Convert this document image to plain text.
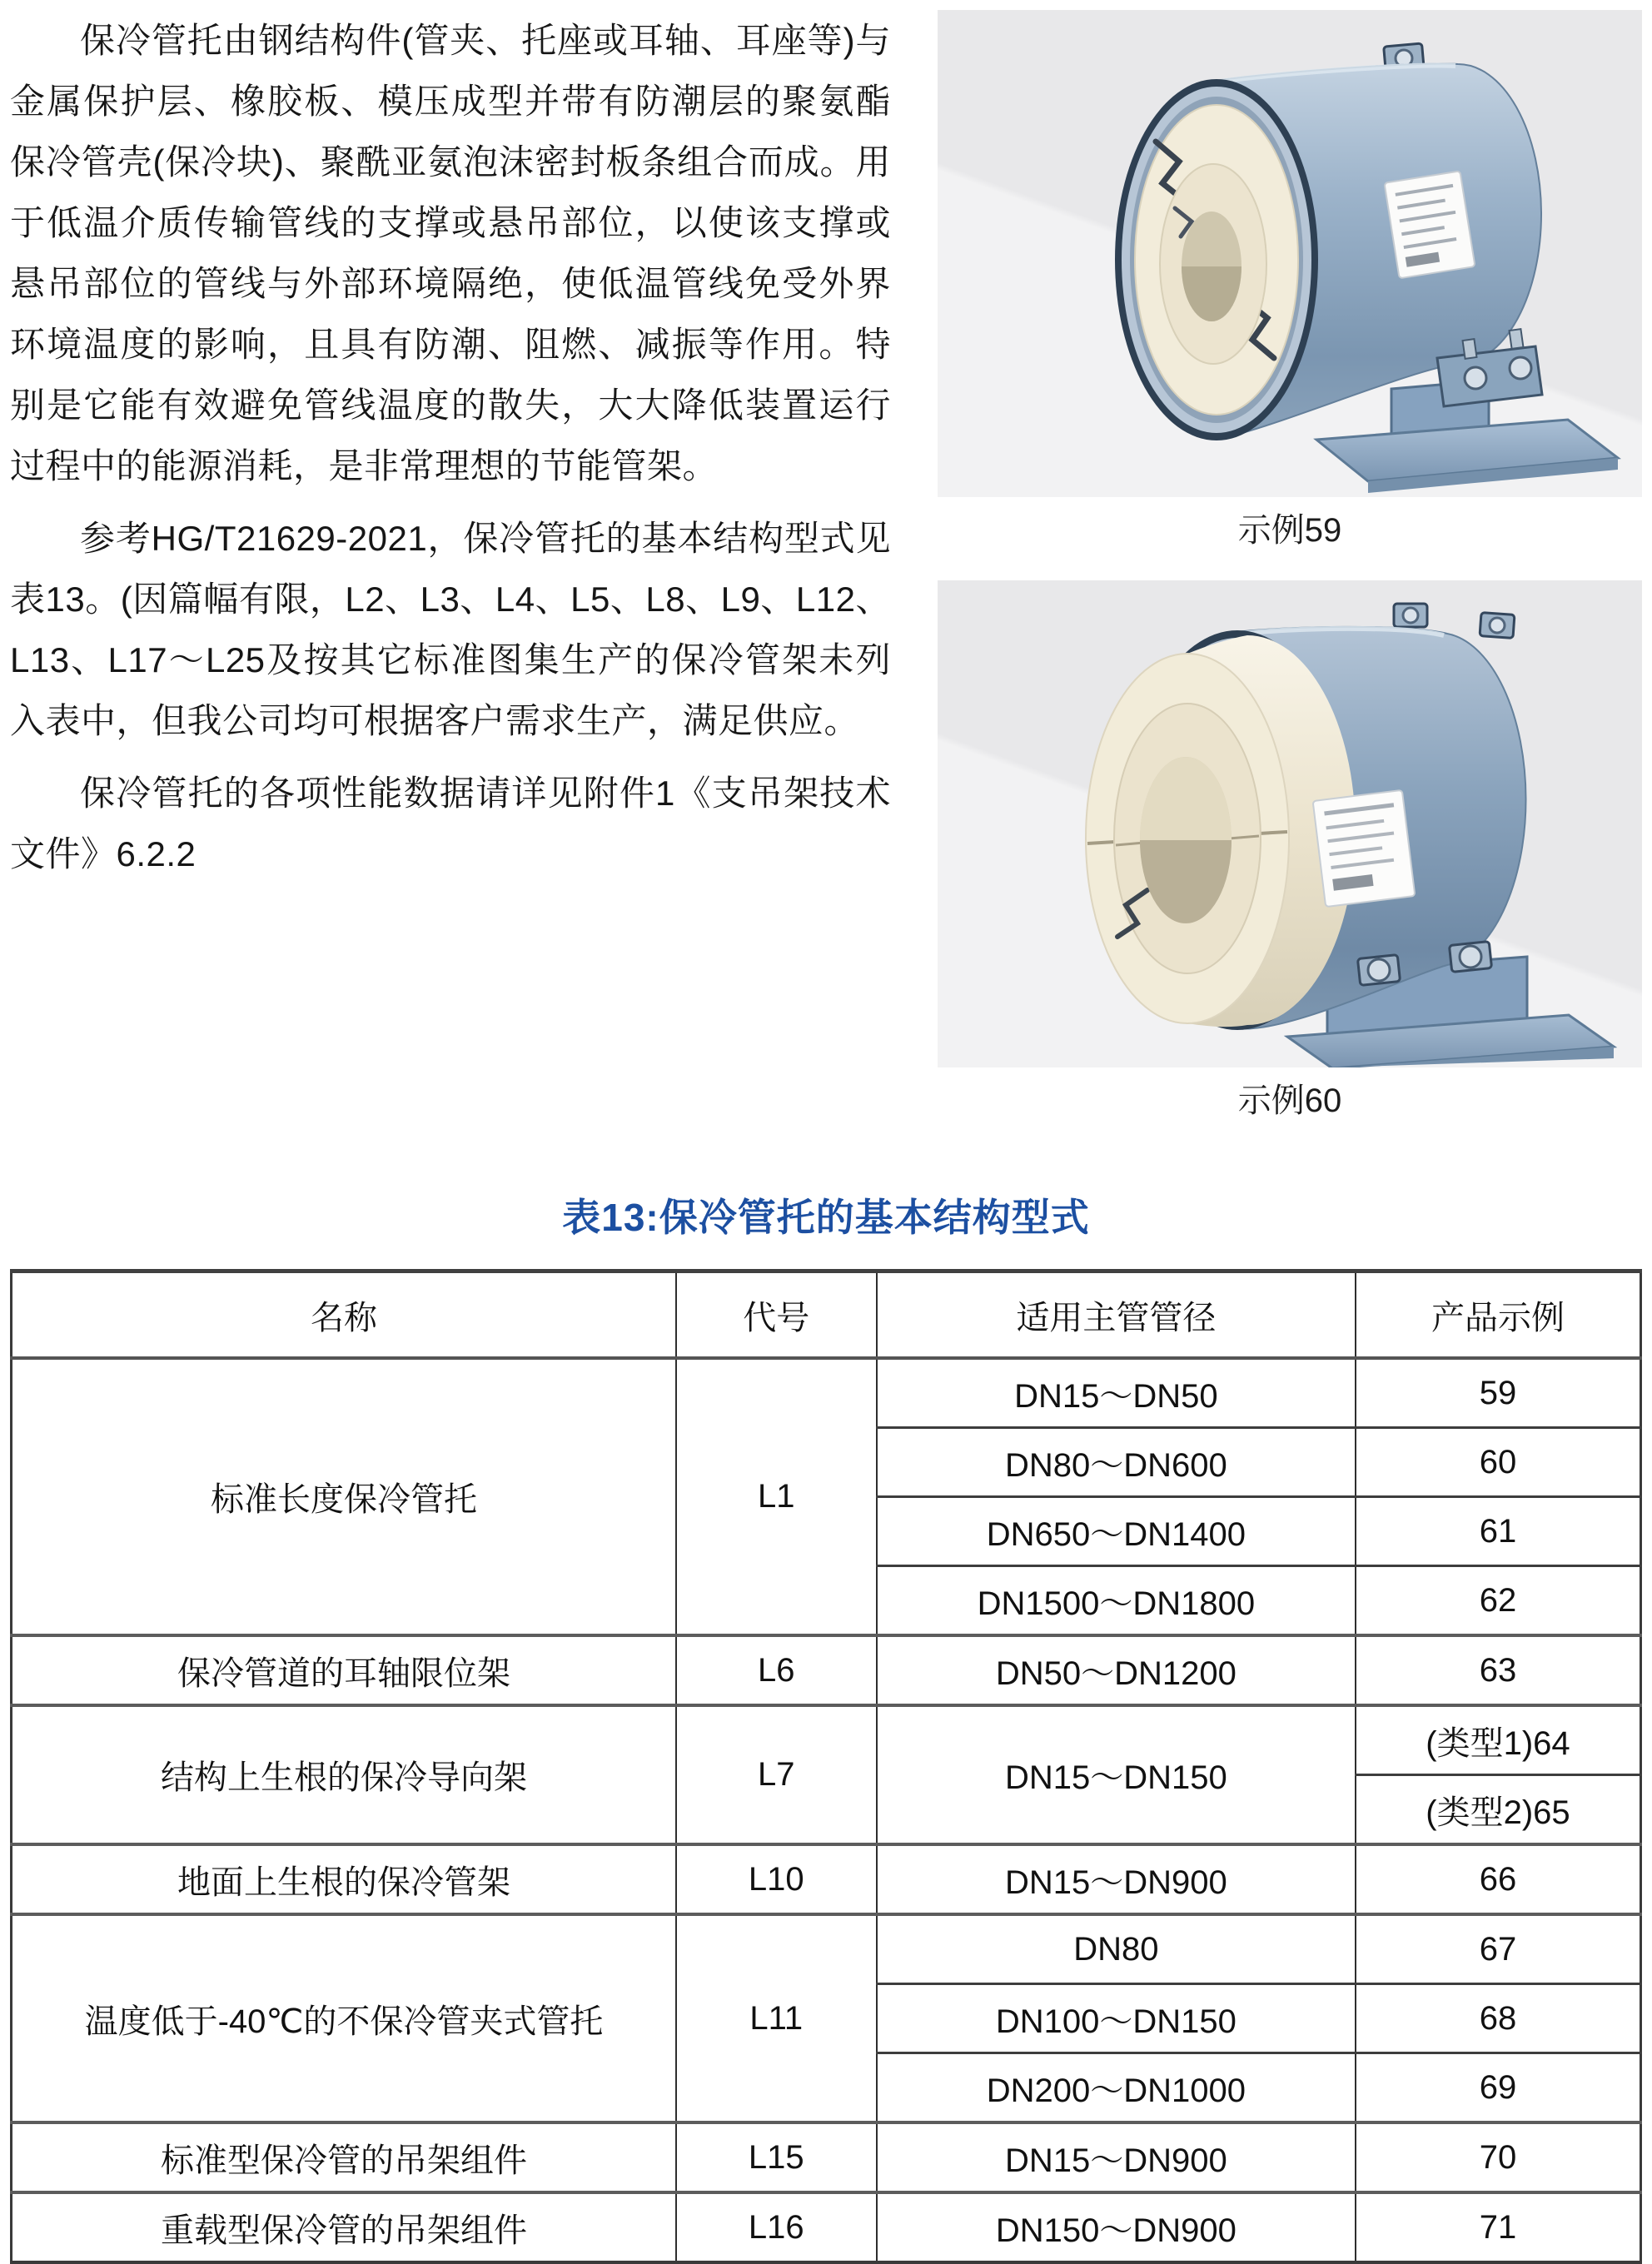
保冷管托由钢结构件(管夹、托座或耳轴、耳座等)与金属保护层、橡胶板、模压成型并带有防潮层的聚氨酯保冷管壳(保冷块)、聚酰亚氨泡沫密封板条组合而成。用于低温介质传输管线的支撑或悬吊部位，以使该支撑或悬吊部位的管线与外部环境隔绝，使低温管线免受外界环境温度的影响，且具有防潮、阻燃、减振等作用。特别是它能有效避免管线温度的散失，大大降低装置运行过程中的能源消耗，是非常理想的节能管架。

参考HG/T21629-2021，保冷管托的基本结构型式见表13。(因篇幅有限，L2、L3、L4、L5、L8、L9、L12、L13、L17～L25及按其它标准图集生产的保冷管架未列入表中，但我公司均可根据客户需求生产，满足供应。

保冷管托的各项性能数据请详见附件1《支吊架技术文件》6.2.2

示例59
示例60
表13:保冷管托的基本结构型式
名称	代号	适用主管管径	产品示例
标准长度保冷管托	L1	DN15～DN50	59
		DN80～DN600	60
		DN650～DN1400	61
		DN1500～DN1800	62
保冷管道的耳轴限位架	L6	DN50～DN1200	63
结构上生根的保冷导向架	L7	DN15～DN150	(类型1)64
			(类型2)65
地面上生根的保冷管架	L10	DN15～DN900	66
温度低于-40℃的不保冷管夹式管托	L11	DN80	67
		DN100～DN150	68
		DN200～DN1000	69
标准型保冷管的吊架组件	L15	DN15～DN900	70
重载型保冷管的吊架组件	L16	DN150～DN900	71
